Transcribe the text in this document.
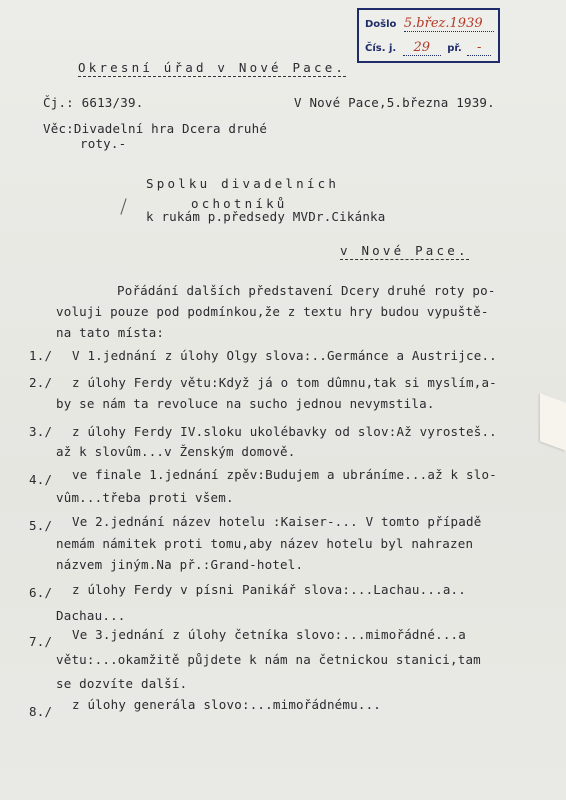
Došlo 5.břez.1939
Čís. j. 29 př. -
Okresní úřad v Nové Pace.
Čj.: 6613/39.	V Nové Pace,5.března 1939.
Věc:Divadelní hra Dcera druhé
roty.-
Spolku divadelních
ochotníků
k rukám p.předsedy MVDr.Cikánka
v Nové Pace.
Pořádání dalších představení Dcery druhé roty po-
voluji pouze pod podmínkou,že z textu hry budou vypuště-
na tato místa:
1./ V 1.jednání z úlohy Olgy slova:..Germánce a Austrijce..
2./ z úlohy Ferdy větu:Když já o tom dûmnu,tak si myslím,a-
by se nám ta revoluce na sucho jednou nevymstila.
3./ z úlohy Ferdy IV.sloku ukolébavky od slov:Až vyrosteš..
až k slovûm...v Ženským domově.
4./ ve finale 1.jednání zpěv:Budujem a ubráníme...až k slo-
vûm...třeba proti všem.
5./ Ve 2.jednání název hotelu :Kaiser-... V tomto případě
nemám námitek proti tomu,aby název hotelu byl nahrazen
názvem jiným.Na př.:Grand-hotel.
6./ z úlohy Ferdy v písni Panikář slova:...Lachau...a..
Dachau...
7./ Ve 3.jednání z úlohy četníka slovo:...mimořádné...a
větu:...okamžitě půjdete k nám na četnickou stanici,tam
se dozvíte další.
8./ z úlohy generála slovo:...mimořádnému...
